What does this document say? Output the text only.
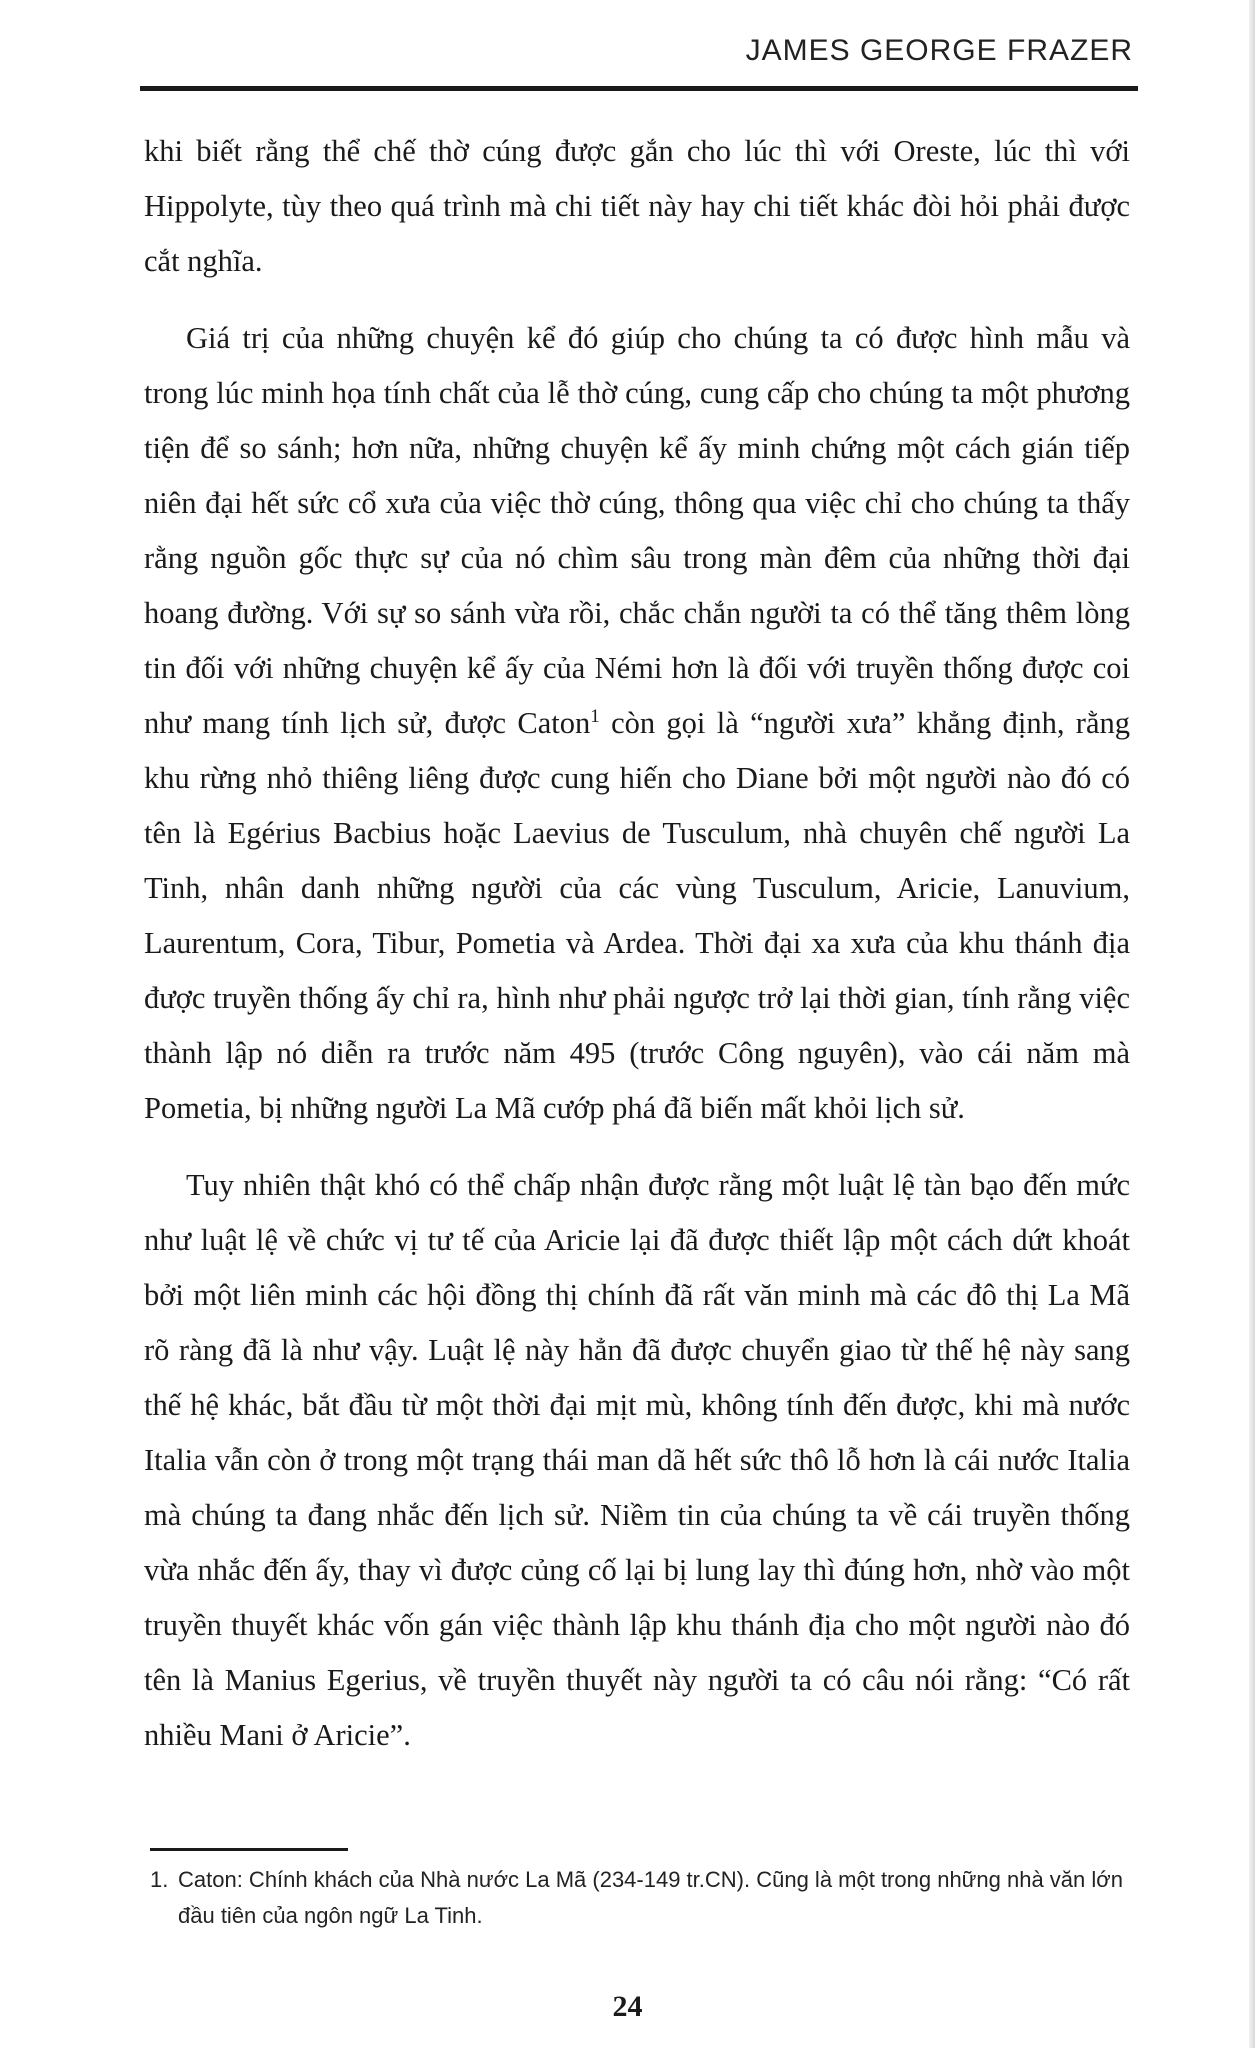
JAMES GEORGE FRAZER

khi biết rằng thể chế thờ cúng được gắn cho lúc thì với Oreste, lúc thì với Hippolyte, tùy theo quá trình mà chi tiết này hay chi tiết khác đòi hỏi phải được cắt nghĩa.

Giá trị của những chuyện kể đó giúp cho chúng ta có được hình mẫu và trong lúc minh họa tính chất của lễ thờ cúng, cung cấp cho chúng ta một phương tiện để so sánh; hơn nữa, những chuyện kể ấy minh chứng một cách gián tiếp niên đại hết sức cổ xưa của việc thờ cúng, thông qua việc chỉ cho chúng ta thấy rằng nguồn gốc thực sự của nó chìm sâu trong màn đêm của những thời đại hoang đường. Với sự so sánh vừa rồi, chắc chắn người ta có thể tăng thêm lòng tin đối với những chuyện kể ấy của Némi hơn là đối với truyền thống được coi như mang tính lịch sử, được Caton$^1$ còn gọi là “người xưa” khẳng định, rằng khu rừng nhỏ thiêng liêng được cung hiến cho Diane bởi một người nào đó có tên là Egérius Bacbius hoặc Laevius de Tusculum, nhà chuyên chế người La Tinh, nhân danh những người của các vùng Tusculum, Aricie, Lanuvium, Laurentum, Cora, Tibur, Pometia và Ardea. Thời đại xa xưa của khu thánh địa được truyền thống ấy chỉ ra, hình như phải ngược trở lại thời gian, tính rằng việc thành lập nó diễn ra trước năm 495 (trước Công nguyên), vào cái năm mà Pometia, bị những người La Mã cướp phá đã biến mất khỏi lịch sử.

Tuy nhiên thật khó có thể chấp nhận được rằng một luật lệ tàn bạo đến mức như luật lệ về chức vị tư tế của Aricie lại đã được thiết lập một cách dứt khoát bởi một liên minh các hội đồng thị chính đã rất văn minh mà các đô thị La Mã rõ ràng đã là như vậy. Luật lệ này hẳn đã được chuyển giao từ thế hệ này sang thế hệ khác, bắt đầu từ một thời đại mịt mù, không tính đến được, khi mà nước Italia vẫn còn ở trong một trạng thái man dã hết sức thô lỗ hơn là cái nước Italia mà chúng ta đang nhắc đến lịch sử. Niềm tin của chúng ta về cái truyền thống vừa nhắc đến ấy, thay vì được củng cố lại bị lung lay thì đúng hơn, nhờ vào một truyền thuyết khác vốn gán việc thành lập khu thánh địa cho một người nào đó tên là Manius Egerius, về truyền thuyết này người ta có câu nói rằng: “Có rất nhiều Mani ở Aricie”.

1. Caton: Chính khách của Nhà nước La Mã (234-149 tr.CN). Cũng là một trong những nhà văn lớn đầu tiên của ngôn ngữ La Tinh.
24
